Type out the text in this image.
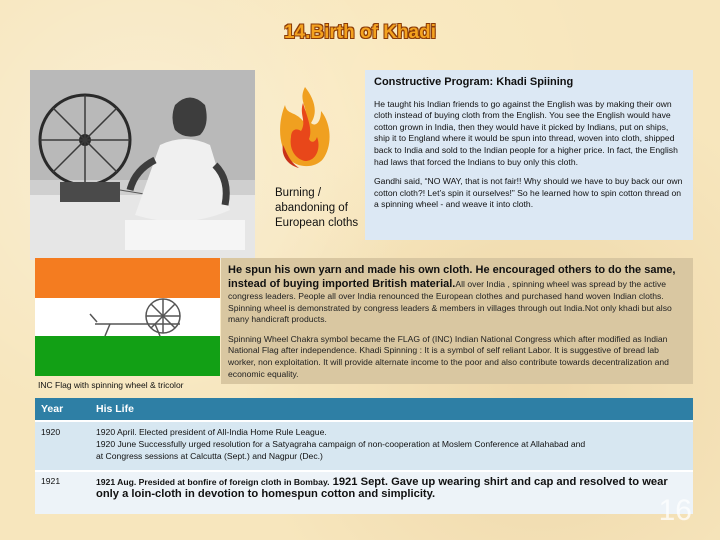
14.Birth of Khadi
Burning / abandoning of European cloths
Constructive Program: Khadi Spiining

He taught his Indian friends to go against the English was by making their own cloth instead of buying cloth from the English. You see the English would have cotton grown in India, then they would have it picked by Indians, put on ships, ship it to England where it would be spun into thread, woven into cloth, shipped back to India and sold to the Indian people for a higher price. In fact, the English had laws that forced the Indians to buy only this cloth.

Gandhi said, “NO WAY, that is not fair!! Why should we have to buy back our own cotton cloth?! Let’s spin it ourselves!” So he learned how to spin cotton thread on a spinning wheel - and weave it into cloth.

INC Flag with spinning wheel & tricolor

He spun his own yarn and made his own cloth. He encouraged others to do the same, instead of buying imported British material.All over India , spinning wheel was spread by the active congress leaders. People all over India renounced the European clothes and purchased hand woven Indian cloths. Spinning wheel is demonstrated by congress leaders & members in villages through out India.Not only khadi but also many handicraft products.

Spinning Wheel Chakra symbol became the FLAG of (INC) Indian National Congress which after modified as Indian National Flag after independence. Khadi Spinning : It is a symbol of self reliant Labor. It is suggestive of bread lab worker, non exploitation. It will provide alternate income to the poor and also contribute towards decentralization and economic equality.

Year	His Life
1920	1920 April. Elected president of All-India Home Rule League.
1920 June Successfully urged resolution for a Satyagraha campaign of non-cooperation at Moslem Conference at Allahabad and
at Congress sessions at Calcutta (Sept.) and Nagpur (Dec.)

1921	1921 Aug. Presided at bonfire of foreign cloth in Bombay. 1921 Sept. Gave up wearing shirt and cap and resolved to wear only a loin-cloth in devotion to homespun cotton and simplicity.	16
